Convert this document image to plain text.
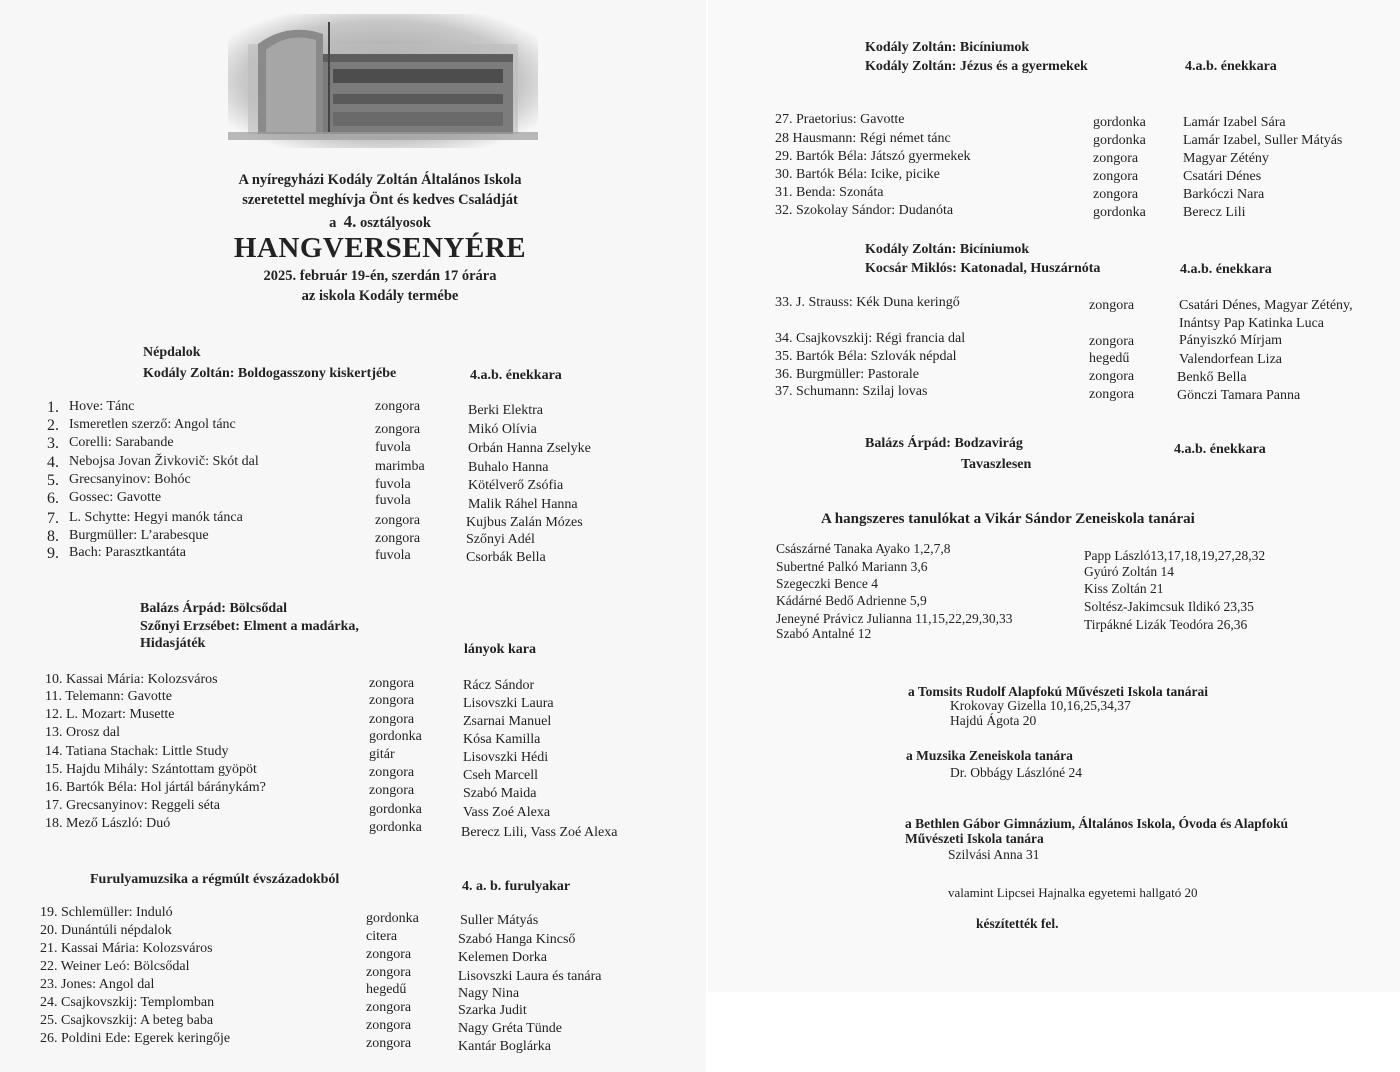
A nyíregyházi Kodály Zoltán Általános Iskola
szeretettel meghívja Önt és kedves Családját
a 4. osztályosok
HANGVERSENYÉRE
2025. február 19-én, szerdán 17 órára
az iskola Kodály termébe
Népdalok
Kodály Zoltán: Boldogasszony kiskertjébe	4.a.b. énekkara
1. Hove: Tánc	zongora	Berki Elektra
2. Ismeretlen szerző: Angol tánc	zongora	Mikó Olívia
3. Corelli: Sarabande	fuvola	Orbán Hanna Zselyke
4. Nebojsa Jovan Živkovič: Skót dal	marimba	Buhalo Hanna
5. Grecsanyinov: Bohóc	fuvola	Kötélverő Zsófia
6. Gossec: Gavotte	fuvola	Malik Ráhel Hanna
7. L. Schytte: Hegyi manók tánca	zongora	Kujbus Zalán Mózes
8. Burgmüller: L’arabesque	zongora	Szőnyi Adél
9. Bach: Parasztkantáta	fuvola	Csorbák Bella
Balázs Árpád: Bölcsődal
Szőnyi Erzsébet: Elment a madárka,
Hidasjáték	lányok kara
10. Kassai Mária: Kolozsváros	zongora	Rácz Sándor
11. Telemann: Gavotte	zongora	Lisovszki Laura
12. L. Mozart: Musette	zongora	Zsarnai Manuel
13. Orosz dal	gordonka	Kósa Kamilla
14. Tatiana Stachak: Little Study	gitár	Lisovszki Hédi
15. Hajdu Mihály: Szántottam gyöpöt	zongora	Cseh Marcell
16. Bartók Béla: Hol jártál báránykám?	zongora	Szabó Maida
17. Grecsanyinov: Reggeli séta	gordonka	Vass Zoé Alexa
18. Mező László: Duó	gordonka	Berecz Lili, Vass Zoé Alexa
Furulyamuzsika a régmúlt évszázadokból	4. a. b. furulyakar
19. Schlemüller: Induló	gordonka	Suller Mátyás
20. Dunántúli népdalok	citera	Szabó Hanga Kincső
21. Kassai Mária: Kolozsváros	zongora	Kelemen Dorka
22. Weiner Leó: Bölcsődal	zongora	Lisovszki Laura és tanára
23. Jones: Angol dal	hegedű	Nagy Nina
24. Csajkovszkij: Templomban	zongora	Szarka Judit
25. Csajkovszkij: A beteg baba	zongora	Nagy Gréta Tünde
26. Poldini Ede: Egerek keringője	zongora	Kantár Boglárka
Kodály Zoltán: Bicíniumok
Kodály Zoltán: Jézus és a gyermekek	4.a.b. énekkara
27. Praetorius: Gavotte	gordonka	Lamár Izabel Sára
28 Hausmann: Régi német tánc	gordonka	Lamár Izabel, Suller Mátyás
29. Bartók Béla: Játszó gyermekek	zongora	Magyar Zétény
30. Bartók Béla: Icike, picike	zongora	Csatári Dénes
31. Benda: Szonáta	zongora	Barkóczi Nara
32. Szokolay Sándor: Dudanóta	gordonka	Berecz Lili
Kodály Zoltán: Bicíniumok
Kocsár Miklós: Katonadal, Huszárnóta	4.a.b. énekkara
33. J. Strauss: Kék Duna keringő	zongora	Csatári Dénes, Magyar Zétény,
Inántsy Pap Katinka Luca
34. Csajkovszkij: Régi francia dal	zongora	Pányiszkó Mírjam
35. Bartók Béla: Szlovák népdal	hegedű	Valendorfean Liza
36. Burgmüller: Pastorale	zongora	Benkő Bella
37. Schumann: Szilaj lovas	zongora	Gönczi Tamara Panna
Balázs Árpád: Bodzavirág
Tavaszlesen
4.a.b. énekkara
A hangszeres tanulókat a Vikár Sándor Zeneiskola tanárai
Császárné Tanaka Ayako 1,2,7,8
Subertné Palkó Mariann 3,6
Szegeczki Bence 4
Kádárné Bedő Adrienne 5,9
Jeneyné Právicz Julianna 11,15,22,29,30,33
Szabó Antalné 12
Papp László13,17,18,19,27,28,32
Gyúró Zoltán 14
Kiss Zoltán 21
Soltész-Jakimcsuk Ildikó 23,35
Tirpákné Lizák Teodóra 26,36
a Tomsits Rudolf Alapfokú Művészeti Iskola tanárai
Krokovay Gizella 10,16,25,34,37
Hajdú Ágota 20
a Muzsika Zeneiskola tanára
Dr. Obbágy Lászlóné 24
a Bethlen Gábor Gimnázium, Általános Iskola, Óvoda és Alapfokú
Művészeti Iskola tanára
Szilvási Anna 31
valamint Lipcsei Hajnalka egyetemi hallgató 20
készítették fel.
